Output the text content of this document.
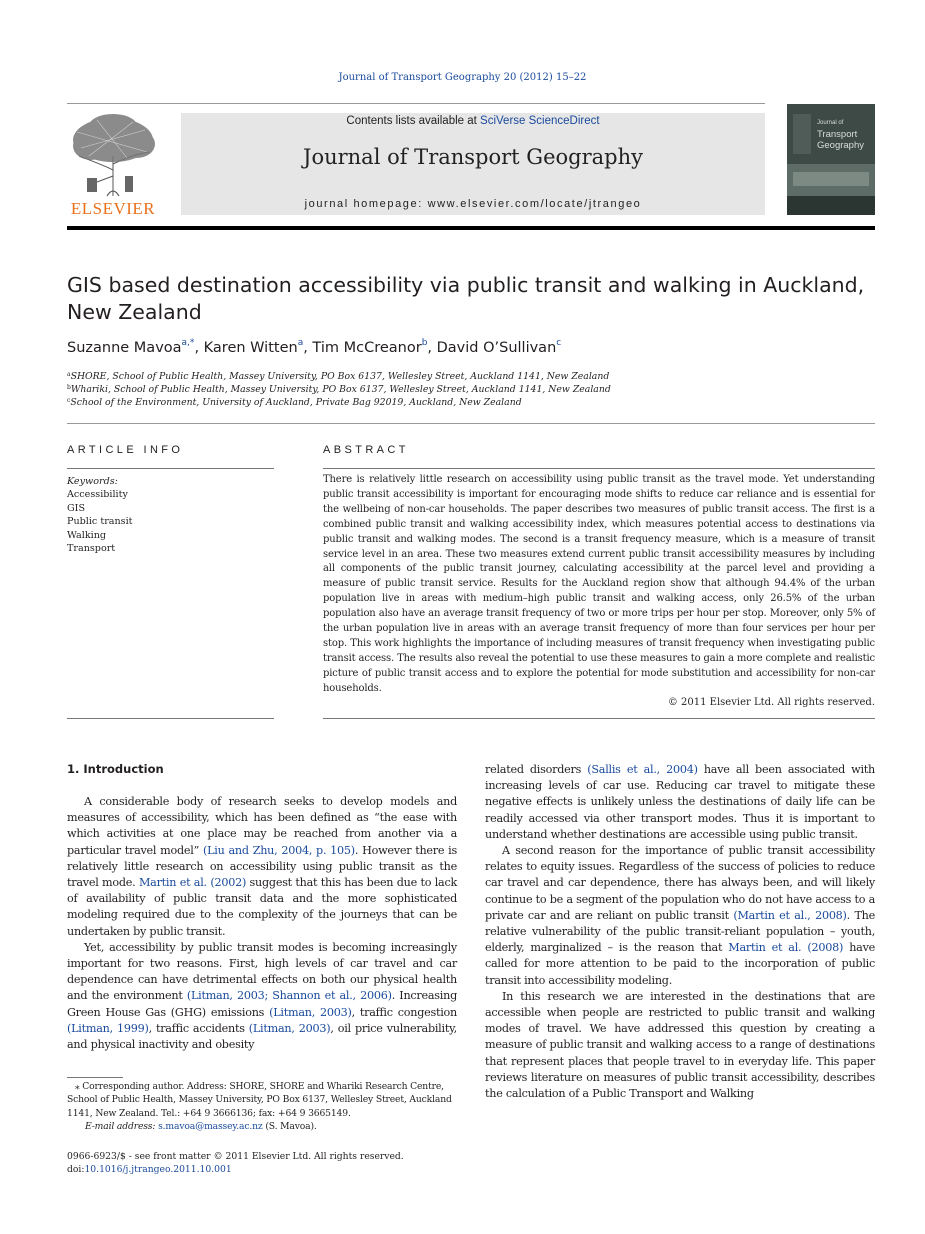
Journal of Transport Geography 20 (2012) 15–22
ELSEVIER
Contents lists available at SciVerse ScienceDirect
Journal of Transport Geography
journal homepage: www.elsevier.com/locate/jtrangeo
Journal of
Transport
Geography
GIS based destination accessibility via public transit and walking in Auckland, New Zealand
Suzanne Mavoa$^{a,*}$, Karen Witten$^a$, Tim McCreanor$^b$, David O’Sullivan$^c$
$^a$SHORE, School of Public Health, Massey University, PO Box 6137, Wellesley Street, Auckland 1141, New Zealand
$^b$Whariki, School of Public Health, Massey University, PO Box 6137, Wellesley Street, Auckland 1141, New Zealand
$^c$School of the Environment, University of Auckland, Private Bag 92019, Auckland, New Zealand
ARTICLE INFO
Keywords:
Accessibility
GIS
Public transit
Walking
Transport
ABSTRACT
There is relatively little research on accessibility using public transit as the travel mode. Yet understanding public transit accessibility is important for encouraging mode shifts to reduce car reliance and is essential for the wellbeing of non-car households. The paper describes two measures of public transit access. The first is a combined public transit and walking accessibility index, which measures potential access to destinations via public transit and walking modes. The second is a transit frequency measure, which is a measure of transit service level in an area. These two measures extend current public transit accessibility measures by including all components of the public transit journey, calculating accessibility at the parcel level and providing a measure of public transit service. Results for the Auckland region show that although 94.4% of the urban population live in areas with medium–high public transit and walking access, only 26.5% of the urban population also have an average transit frequency of two or more trips per hour per stop. Moreover, only 5% of the urban population live in areas with an average transit frequency of more than four services per hour per stop. This work highlights the importance of including measures of transit frequency when investigating public transit access. The results also reveal the potential to use these measures to gain a more complete and realistic picture of public transit access and to explore the potential for mode substitution and accessibility for non-car households.
© 2011 Elsevier Ltd. All rights reserved.
1. Introduction

A considerable body of research seeks to develop models and measures of accessibility, which has been defined as “the ease with which activities at one place may be reached from another via a particular travel model” (Liu and Zhu, 2004, p. 105). However there is relatively little research on accessibility using public transit as the travel mode. Martin et al. (2002) suggest that this has been due to lack of availability of public transit data and the more sophisticated modeling required due to the complexity of the journeys that can be undertaken by public transit.

Yet, accessibility by public transit modes is becoming increasingly important for two reasons. First, high levels of car travel and car dependence can have detrimental effects on both our physical health and the environment (Litman, 2003; Shannon et al., 2006). Increasing Green House Gas (GHG) emissions (Litman, 2003), traffic congestion (Litman, 1999), traffic accidents (Litman, 2003), oil price vulnerability, and physical inactivity and obesity

related disorders (Sallis et al., 2004) have all been associated with increasing levels of car use. Reducing car travel to mitigate these negative effects is unlikely unless the destinations of daily life can be readily accessed via other transport modes. Thus it is important to understand whether destinations are accessible using public transit.

A second reason for the importance of public transit accessibility relates to equity issues. Regardless of the success of policies to reduce car travel and car dependence, there has always been, and will likely continue to be a segment of the population who do not have access to a private car and are reliant on public transit (Martin et al., 2008). The relative vulnerability of the public transit-reliant population – youth, elderly, marginalized – is the reason that Martin et al. (2008) have called for more attention to be paid to the incorporation of public transit into accessibility modeling.

In this research we are interested in the destinations that are accessible when people are restricted to public transit and walking modes of travel. We have addressed this question by creating a measure of public transit and walking access to a range of destinations that represent places that people travel to in everyday life. This paper reviews literature on measures of public transit accessibility, describes the calculation of a Public Transport and Walking

⁎ Corresponding author. Address: SHORE, SHORE and Whariki Research Centre, School of Public Health, Massey University, PO Box 6137, Wellesley Street, Auckland 1141, New Zealand. Tel.: +64 9 3666136; fax: +64 9 3665149.
E-mail address: s.mavoa@massey.ac.nz (S. Mavoa).
0966-6923/$ - see front matter © 2011 Elsevier Ltd. All rights reserved.
doi:10.1016/j.jtrangeo.2011.10.001
